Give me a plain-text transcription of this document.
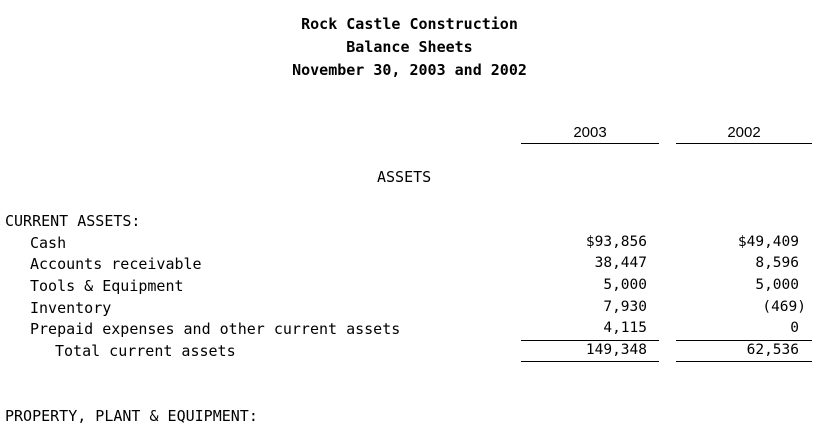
Rock Castle Construction
Balance Sheets
November 30, 2003 and 2002
2003	2002
ASSETS
CURRENT ASSETS:
Cash	$93,856	$49,409
Accounts receivable	38,447	8,596
Tools & Equipment	5,000	5,000
Inventory	7,930	(469)
Prepaid expenses and other current assets	4,115	0
Total current assets	149,348	62,536
PROPERTY, PLANT & EQUIPMENT:
